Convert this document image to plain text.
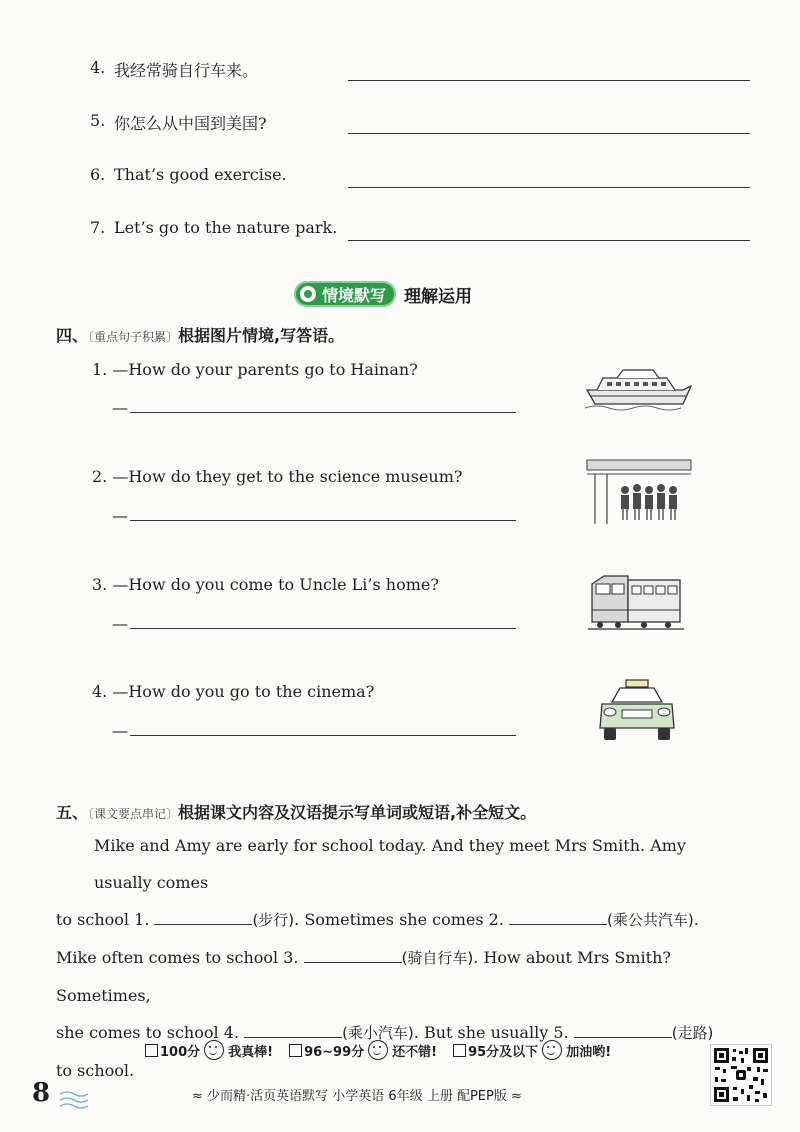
4. 我经常骑自行车来。
5. 你怎么从中国到美国?
6. That’s good exercise.
7. Let’s go to the nature park.
情境默写 理解运用
四、〔重点句子积累〕根据图片情境,写答语。
1. —How do your parents go to Hainan?
—
2. —How do they get to the science museum?
—
3. —How do you come to Uncle Li’s home?
—
4. —How do you go to the cinema?
—
五、〔课文要点串记〕根据课文内容及汉语提示写单词或短语,补全短文。
Mike and Amy are early for school today. And they meet Mrs Smith. Amy usually comes
to school 1.	(步行). Sometimes she comes 2.	(乘公共汽车).
Mike often comes to school 3.	(骑自行车). How about Mrs Smith? Sometimes,
she comes to school 4.	(乘小汽车). But she usually 5.	(走路)
to school.
100分 我真棒! 96~99分 还不错! 95分及以下 加油哟!
8	≈ 少而精·活页英语默写 小学英语 6年级 上册 配PEP版 ≈
